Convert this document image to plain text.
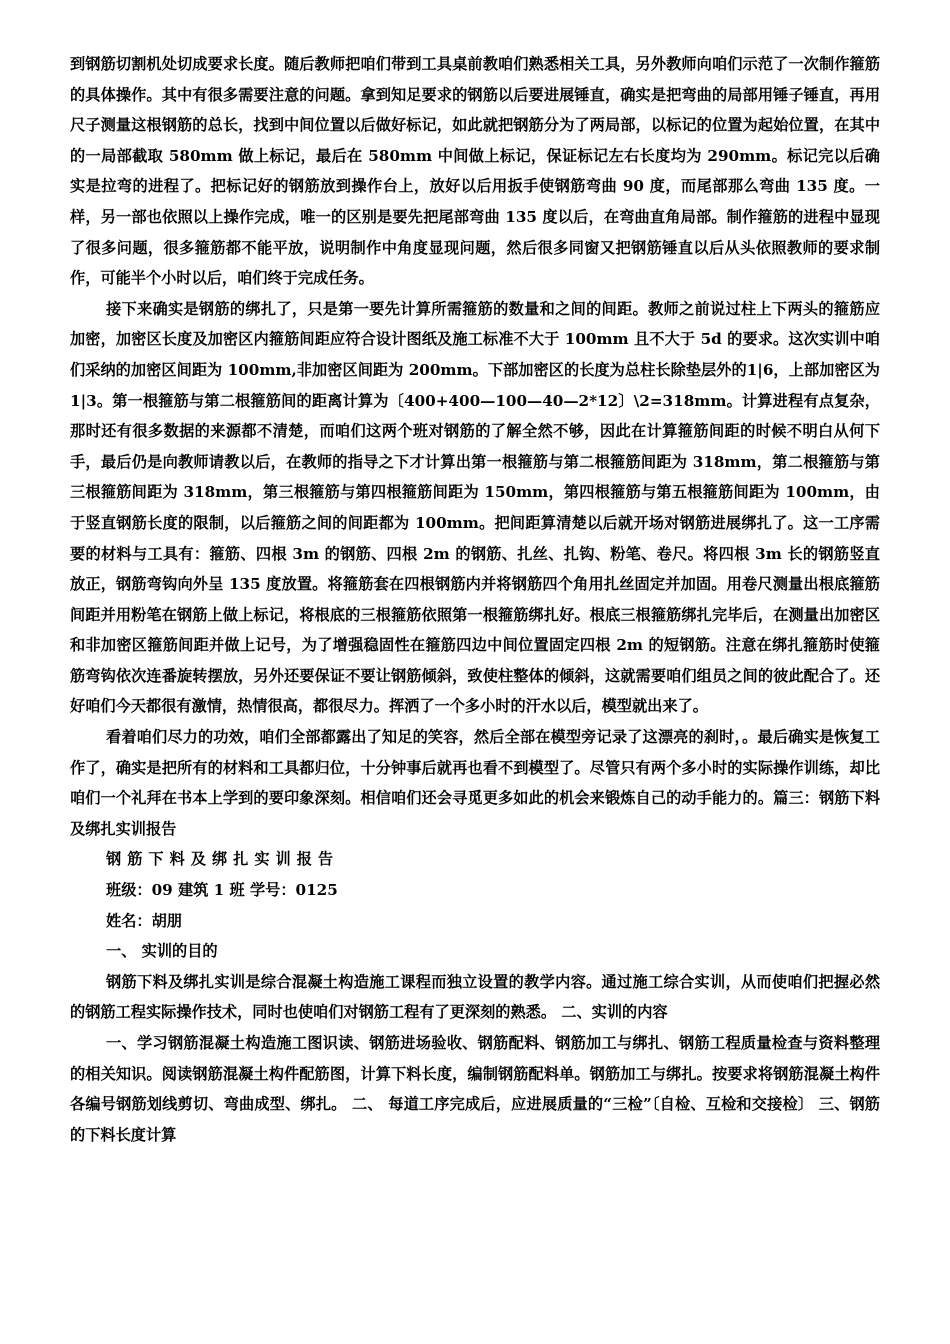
到钢筋切割机处切成要求长度。随后教师把咱们带到工具桌前教咱们熟悉相关工具，另外教师向咱们示范了一次制作箍筋的具体操作。其中有很多需要注意的问题。拿到知足要求的钢筋以后要进展锤直，确实是把弯曲的局部用锤子锤直，再用尺子测量这根钢筋的总长，找到中间位置以后做好标记，如此就把钢筋分为了两局部，以标记的位置为起始位置，在其中的一局部截取 580mm 做上标记，最后在 580mm 中间做上标记，保证标记左右长度均为 290mm。标记完以后确实是拉弯的进程了。把标记好的钢筋放到操作台上，放好以后用扳手使钢筋弯曲 90 度，而尾部那么弯曲 135 度。一样，另一部也依照以上操作完成，唯一的区别是要先把尾部弯曲 135 度以后，在弯曲直角局部。制作箍筋的进程中显现了很多问题，很多箍筋都不能平放，说明制作中角度显现问题，然后很多同窗又把钢筋锤直以后从头依照教师的要求制作，可能半个小时以后，咱们终于完成任务。

接下来确实是钢筋的绑扎了，只是第一要先计算所需箍筋的数量和之间的间距。教师之前说过柱上下两头的箍筋应加密，加密区长度及加密区内箍筋间距应符合设计图纸及施工标准不大于 100mm 且不大于 5d 的要求。这次实训中咱们采纳的加密区间距为 100mm,非加密区间距为 200mm。下部加密区的长度为总柱长除垫层外的1|6，上部加密区为 1|3。第一根箍筋与第二根箍筋间的距离计算为〔400+400—100—40—2*12〕\2=318mm。计算进程有点复杂，那时还有很多数据的来源都不清楚，而咱们这两个班对钢筋的了解全然不够，因此在计算箍筋间距的时候不明白从何下手，最后仍是向教师请教以后，在教师的指导之下才计算出第一根箍筋与第二根箍筋间距为 318mm，第二根箍筋与第三根箍筋间距为 318mm，第三根箍筋与第四根箍筋间距为 150mm，第四根箍筋与第五根箍筋间距为 100mm，由于竖直钢筋长度的限制，以后箍筋之间的间距都为 100mm。把间距算清楚以后就开场对钢筋进展绑扎了。这一工序需要的材料与工具有：箍筋、四根 3m 的钢筋、四根 2m 的钢筋、扎丝、扎钩、粉笔、卷尺。将四根 3m 长的钢筋竖直放正，钢筋弯钩向外呈 135 度放置。将箍筋套在四根钢筋内并将钢筋四个角用扎丝固定并加固。用卷尺测量出根底箍筋间距并用粉笔在钢筋上做上标记，将根底的三根箍筋依照第一根箍筋绑扎好。根底三根箍筋绑扎完毕后，在测量出加密区和非加密区箍筋间距并做上记号，为了增强稳固性在箍筋四边中间位置固定四根 2m 的短钢筋。注意在绑扎箍筋时使箍筋弯钩依次连番旋转摆放，另外还要保证不要让钢筋倾斜，致使柱整体的倾斜，这就需要咱们组员之间的彼此配合了。还好咱们今天都很有激情，热情很高，都很尽力。挥洒了一个多小时的汗水以后，模型就出来了。

看着咱们尽力的功效，咱们全部都露出了知足的笑容，然后全部在模型旁记录了这漂亮的刹时，。最后确实是恢复工作了，确实是把所有的材料和工具都归位，十分钟事后就再也看不到模型了。尽管只有两个多小时的实际操作训练，却比咱们一个礼拜在书本上学到的要印象深刻。相信咱们还会寻觅更多如此的机会来锻炼自己的动手能力的。篇三：钢筋下料及绑扎实训报告

钢筋下料及绑扎实训报告

班级：09 建筑 1 班 学号：0125

姓名：胡朋

一、 实训的目的

钢筋下料及绑扎实训是综合混凝土构造施工课程而独立设置的教学内容。通过施工综合实训，从而使咱们把握必然的钢筋工程实际操作技术，同时也使咱们对钢筋工程有了更深刻的熟悉。 二、实训的内容

一、学习钢筋混凝土构造施工图识读、钢筋进场验收、钢筋配料、钢筋加工与绑扎、钢筋工程质量检查与资料整理的相关知识。阅读钢筋混凝土构件配筋图，计算下料长度，编制钢筋配料单。钢筋加工与绑扎。按要求将钢筋混凝土构件各编号钢筋划线剪切、弯曲成型、绑扎。 二、 每道工序完成后，应进展质量的“三检”〔自检、互检和交接检〕 三、钢筋的下料长度计算
